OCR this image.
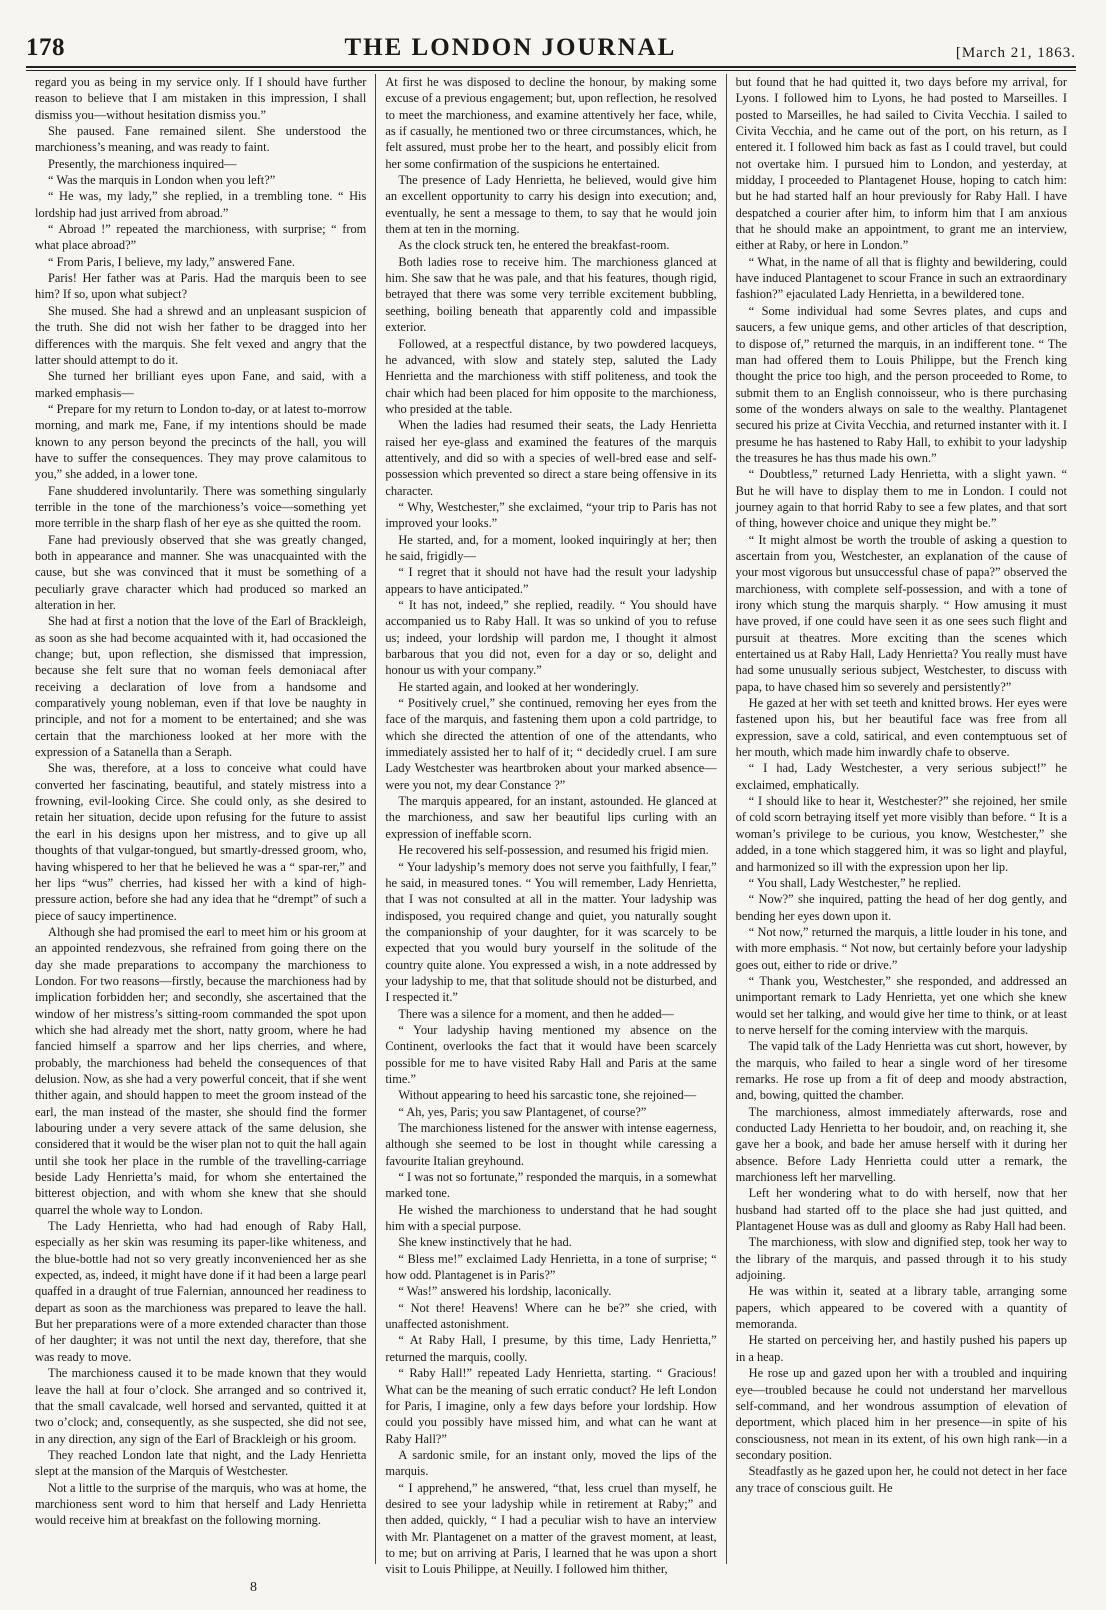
178	THE LONDON JOURNAL	[March 21, 1863.

regard you as being in my service only. If I should have further reason to believe that I am mistaken in this impression, I shall dismiss you—without hesitation dismiss you.”

She paused. Fane remained silent. She understood the marchioness’s meaning, and was ready to faint.

Presently, the marchioness inquired—

“ Was the marquis in London when you left?”

“ He was, my lady,” she replied, in a trembling tone. “ His lordship had just arrived from abroad.”

“ Abroad !” repeated the marchioness, with surprise; “ from what place abroad?”

“ From Paris, I believe, my lady,” answered Fane.

Paris! Her father was at Paris. Had the marquis been to see him? If so, upon what subject?

She mused. She had a shrewd and an unpleasant suspicion of the truth. She did not wish her father to be dragged into her differences with the marquis. She felt vexed and angry that the latter should attempt to do it.

She turned her brilliant eyes upon Fane, and said, with a marked emphasis—

“ Prepare for my return to London to-day, or at latest to-morrow morning, and mark me, Fane, if my intentions should be made known to any person beyond the precincts of the hall, you will have to suffer the consequences. They may prove calamitous to you,” she added, in a lower tone.

Fane shuddered involuntarily. There was something singularly terrible in the tone of the marchioness’s voice—something yet more terrible in the sharp flash of her eye as she quitted the room.

Fane had previously observed that she was greatly changed, both in appearance and manner. She was unacquainted with the cause, but she was convinced that it must be something of a peculiarly grave character which had produced so marked an alteration in her.

She had at first a notion that the love of the Earl of Brackleigh, as soon as she had become acquainted with it, had occasioned the change; but, upon reflection, she dismissed that impression, because she felt sure that no woman feels demoniacal after receiving a declaration of love from a handsome and comparatively young nobleman, even if that love be naughty in principle, and not for a moment to be entertained; and she was certain that the marchioness looked at her more with the expression of a Satanella than a Seraph.

She was, therefore, at a loss to conceive what could have converted her fascinating, beautiful, and stately mistress into a frowning, evil-looking Circe. She could only, as she desired to retain her situation, decide upon refusing for the future to assist the earl in his designs upon her mistress, and to give up all thoughts of that vulgar-tongued, but smartly-dressed groom, who, having whispered to her that he believed he was a “ spar-rer,” and her lips “wus” cherries, had kissed her with a kind of high-pressure action, before she had any idea that he “drempt” of such a piece of saucy impertinence.

Although she had promised the earl to meet him or his groom at an appointed rendezvous, she refrained from going there on the day she made preparations to accompany the marchioness to London. For two reasons—firstly, because the marchioness had by implication forbidden her; and secondly, she ascertained that the window of her mistress’s sitting-room commanded the spot upon which she had already met the short, natty groom, where he had fancied himself a sparrow and her lips cherries, and where, probably, the marchioness had beheld the consequences of that delusion. Now, as she had a very powerful conceit, that if she went thither again, and should happen to meet the groom instead of the earl, the man instead of the master, she should find the former labouring under a very severe attack of the same delusion, she considered that it would be the wiser plan not to quit the hall again until she took her place in the rumble of the travelling-carriage beside Lady Henrietta’s maid, for whom she entertained the bitterest objection, and with whom she knew that she should quarrel the whole way to London.

The Lady Henrietta, who had had enough of Raby Hall, especially as her skin was resuming its paper-like whiteness, and the blue-bottle had not so very greatly inconvenienced her as she expected, as, indeed, it might have done if it had been a large pearl quaffed in a draught of true Falernian, announced her readiness to depart as soon as the marchioness was prepared to leave the hall. But her preparations were of a more extended character than those of her daughter; it was not until the next day, therefore, that she was ready to move.

The marchioness caused it to be made known that they would leave the hall at four o’clock. She arranged and so contrived it, that the small cavalcade, well horsed and servanted, quitted it at two o’clock; and, consequently, as she suspected, she did not see, in any direction, any sign of the Earl of Brackleigh or his groom.

They reached London late that night, and the Lady Henrietta slept at the mansion of the Marquis of Westchester.

Not a little to the surprise of the marquis, who was at home, the marchioness sent word to him that herself and Lady Henrietta would receive him at breakfast on the following morning.

At first he was disposed to decline the honour, by making some excuse of a previous engagement; but, upon reflection, he resolved to meet the marchioness, and examine attentively her face, while, as if casually, he mentioned two or three circumstances, which, he felt assured, must probe her to the heart, and possibly elicit from her some confirmation of the suspicions he entertained.

The presence of Lady Henrietta, he believed, would give him an excellent opportunity to carry his design into execution; and, eventually, he sent a message to them, to say that he would join them at ten in the morning.

As the clock struck ten, he entered the breakfast-room.

Both ladies rose to receive him. The marchioness glanced at him. She saw that he was pale, and that his features, though rigid, betrayed that there was some very terrible excitement bubbling, seething, boiling beneath that apparently cold and impassible exterior.

Followed, at a respectful distance, by two powdered lacqueys, he advanced, with slow and stately step, saluted the Lady Henrietta and the marchioness with stiff politeness, and took the chair which had been placed for him opposite to the marchioness, who presided at the table.

When the ladies had resumed their seats, the Lady Henrietta raised her eye-glass and examined the features of the marquis attentively, and did so with a species of well-bred ease and self-possession which prevented so direct a stare being offensive in its character.

“ Why, Westchester,” she exclaimed, “your trip to Paris has not improved your looks.”

He started, and, for a moment, looked inquiringly at her; then he said, frigidly—

“ I regret that it should not have had the result your ladyship appears to have anticipated.”

“ It has not, indeed,” she replied, readily. “ You should have accompanied us to Raby Hall. It was so unkind of you to refuse us; indeed, your lordship will pardon me, I thought it almost barbarous that you did not, even for a day or so, delight and honour us with your company.”

He started again, and looked at her wonderingly.

“ Positively cruel,” she continued, removing her eyes from the face of the marquis, and fastening them upon a cold partridge, to which she directed the attention of one of the attendants, who immediately assisted her to half of it; “ decidedly cruel. I am sure Lady Westchester was heartbroken about your marked absence—were you not, my dear Constance ?”

The marquis appeared, for an instant, astounded. He glanced at the marchioness, and saw her beautiful lips curling with an expression of ineffable scorn.

He recovered his self-possession, and resumed his frigid mien.

“ Your ladyship’s memory does not serve you faithfully, I fear,” he said, in measured tones. “ You will remember, Lady Henrietta, that I was not consulted at all in the matter. Your ladyship was indisposed, you required change and quiet, you naturally sought the companionship of your daughter, for it was scarcely to be expected that you would bury yourself in the solitude of the country quite alone. You expressed a wish, in a note addressed by your ladyship to me, that that solitude should not be disturbed, and I respected it.”

There was a silence for a moment, and then he added—

“ Your ladyship having mentioned my absence on the Continent, overlooks the fact that it would have been scarcely possible for me to have visited Raby Hall and Paris at the same time.”

Without appearing to heed his sarcastic tone, she rejoined—

“ Ah, yes, Paris; you saw Plantagenet, of course?”

The marchioness listened for the answer with intense eagerness, although she seemed to be lost in thought while caressing a favourite Italian greyhound.

“ I was not so fortunate,” responded the marquis, in a somewhat marked tone.

He wished the marchioness to understand that he had sought him with a special purpose.

She knew instinctively that he had.

“ Bless me!” exclaimed Lady Henrietta, in a tone of surprise; “ how odd. Plantagenet is in Paris?”

“ Was!” answered his lordship, laconically.

“ Not there! Heavens! Where can he be?” she cried, with unaffected astonishment.

“ At Raby Hall, I presume, by this time, Lady Henrietta,” returned the marquis, coolly.

“ Raby Hall!” repeated Lady Henrietta, starting. “ Gracious! What can be the meaning of such erratic conduct? He left London for Paris, I imagine, only a few days before your lordship. How could you possibly have missed him, and what can he want at Raby Hall?”

A sardonic smile, for an instant only, moved the lips of the marquis.

“ I apprehend,” he answered, “that, less cruel than myself, he desired to see your ladyship while in retirement at Raby;” and then added, quickly, “ I had a peculiar wish to have an interview with Mr. Plantagenet on a matter of the gravest moment, at least, to me; but on arriving at Paris, I learned that he was upon a short visit to Louis Philippe, at Neuilly. I followed him thither,

but found that he had quitted it, two days before my arrival, for Lyons. I followed him to Lyons, he had posted to Marseilles. I posted to Marseilles, he had sailed to Civita Vecchia. I sailed to Civita Vecchia, and he came out of the port, on his return, as I entered it. I followed him back as fast as I could travel, but could not overtake him. I pursued him to London, and yesterday, at midday, I proceeded to Plantagenet House, hoping to catch him: but he had started half an hour previously for Raby Hall. I have despatched a courier after him, to inform him that I am anxious that he should make an appointment, to grant me an interview, either at Raby, or here in London.”

“ What, in the name of all that is flighty and bewildering, could have induced Plantagenet to scour France in such an extraordinary fashion?” ejaculated Lady Henrietta, in a bewildered tone.

“ Some individual had some Sevres plates, and cups and saucers, a few unique gems, and other articles of that description, to dispose of,” returned the marquis, in an indifferent tone. “ The man had offered them to Louis Philippe, but the French king thought the price too high, and the person proceeded to Rome, to submit them to an English connoisseur, who is there purchasing some of the wonders always on sale to the wealthy. Plantagenet secured his prize at Civita Vecchia, and returned instanter with it. I presume he has hastened to Raby Hall, to exhibit to your ladyship the treasures he has thus made his own.”

“ Doubtless,” returned Lady Henrietta, with a slight yawn. “ But he will have to display them to me in London. I could not journey again to that horrid Raby to see a few plates, and that sort of thing, however choice and unique they might be.”

“ It might almost be worth the trouble of asking a question to ascertain from you, Westchester, an explanation of the cause of your most vigorous but unsuccessful chase of papa?” observed the marchioness, with complete self-possession, and with a tone of irony which stung the marquis sharply. “ How amusing it must have proved, if one could have seen it as one sees such flight and pursuit at theatres. More exciting than the scenes which entertained us at Raby Hall, Lady Henrietta? You really must have had some unusually serious subject, Westchester, to discuss with papa, to have chased him so severely and persistently?”

He gazed at her with set teeth and knitted brows. Her eyes were fastened upon his, but her beautiful face was free from all expression, save a cold, satirical, and even contemptuous set of her mouth, which made him inwardly chafe to observe.

“ I had, Lady Westchester, a very serious subject!” he exclaimed, emphatically.

“ I should like to hear it, Westchester?” she rejoined, her smile of cold scorn betraying itself yet more visibly than before. “ It is a woman’s privilege to be curious, you know, Westchester,” she added, in a tone which staggered him, it was so light and playful, and harmonized so ill with the expression upon her lip.

“ You shall, Lady Westchester,” he replied.

“ Now?” she inquired, patting the head of her dog gently, and bending her eyes down upon it.

“ Not now,” returned the marquis, a little louder in his tone, and with more emphasis. “ Not now, but certainly before your ladyship goes out, either to ride or drive.”

“ Thank you, Westchester,” she responded, and addressed an unimportant remark to Lady Henrietta, yet one which she knew would set her talking, and would give her time to think, or at least to nerve herself for the coming interview with the marquis.

The vapid talk of the Lady Henrietta was cut short, however, by the marquis, who failed to hear a single word of her tiresome remarks. He rose up from a fit of deep and moody abstraction, and, bowing, quitted the chamber.

The marchioness, almost immediately afterwards, rose and conducted Lady Henrietta to her boudoir, and, on reaching it, she gave her a book, and bade her amuse herself with it during her absence. Before Lady Henrietta could utter a remark, the marchioness left her marvelling.

Left her wondering what to do with herself, now that her husband had started off to the place she had just quitted, and Plantagenet House was as dull and gloomy as Raby Hall had been.

The marchioness, with slow and dignified step, took her way to the library of the marquis, and passed through it to his study adjoining.

He was within it, seated at a library table, arranging some papers, which appeared to be covered with a quantity of memoranda.

He started on perceiving her, and hastily pushed his papers up in a heap.

He rose up and gazed upon her with a troubled and inquiring eye—troubled because he could not understand her marvellous self-command, and her wondrous assumption of elevation of deportment, which placed him in her presence—in spite of his consciousness, not mean in its extent, of his own high rank—in a secondary position.

Steadfastly as he gazed upon her, he could not detect in her face any trace of conscious guilt. He

8
